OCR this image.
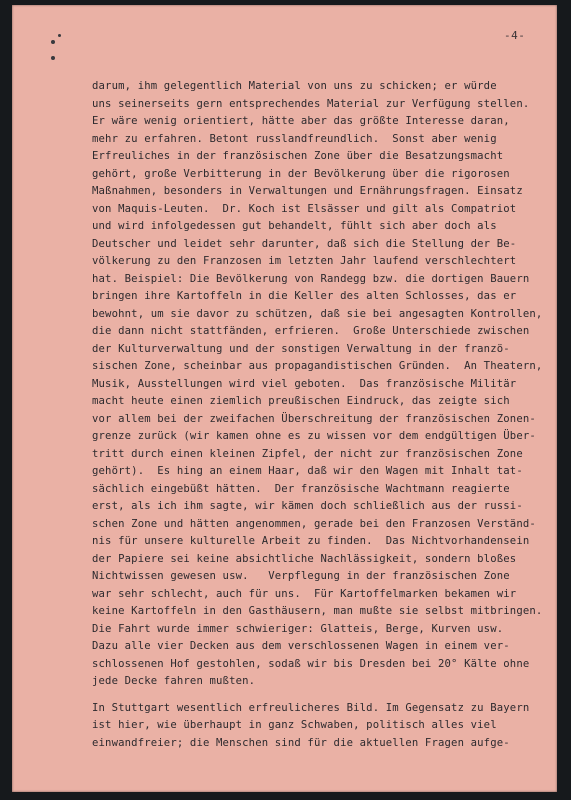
-4-
darum, ihm gelegentlich Material von uns zu schicken; er würde
uns seinerseits gern entsprechendes Material zur Verfügung stellen.
Er wäre wenig orientiert, hätte aber das größte Interesse daran,
mehr zu erfahren. Betont russlandfreundlich.  Sonst aber wenig
Erfreuliches in der französischen Zone über die Besatzungsmacht
gehört, große Verbitterung in der Bevölkerung über die rigorosen
Maßnahmen, besonders in Verwaltungen und Ernährungsfragen. Einsatz
von Maquis-Leuten.  Dr. Koch ist Elsässer und gilt als Compatriot
und wird infolgedessen gut behandelt, fühlt sich aber doch als
Deutscher und leidet sehr darunter, daß sich die Stellung der Be-
völkerung zu den Franzosen im letzten Jahr laufend verschlechtert
hat. Beispiel: Die Bevölkerung von Randegg bzw. die dortigen Bauern
bringen ihre Kartoffeln in die Keller des alten Schlosses, das er
bewohnt, um sie davor zu schützen, daß sie bei angesagten Kontrollen,
die dann nicht stattfänden, erfrieren.  Große Unterschiede zwischen
der Kulturverwaltung und der sonstigen Verwaltung in der franzö-
sischen Zone, scheinbar aus propagandistischen Gründen.  An Theatern,
Musik, Ausstellungen wird viel geboten.  Das französische Militär
macht heute einen ziemlich preußischen Eindruck, das zeigte sich
vor allem bei der zweifachen Überschreitung der französischen Zonen-
grenze zurück (wir kamen ohne es zu wissen vor dem endgültigen Über-
tritt durch einen kleinen Zipfel, der nicht zur französischen Zone
gehört).  Es hing an einem Haar, daß wir den Wagen mit Inhalt tat-
sächlich eingebüßt hätten.  Der französische Wachtmann reagierte
erst, als ich ihm sagte, wir kämen doch schließlich aus der russi-
schen Zone und hätten angenommen, gerade bei den Franzosen Verständ-
nis für unsere kulturelle Arbeit zu finden.  Das Nichtvorhandensein
der Papiere sei keine absichtliche Nachlässigkeit, sondern bloßes
Nichtwissen gewesen usw.   Verpflegung in der französischen Zone
war sehr schlecht, auch für uns.  Für Kartoffelmarken bekamen wir
keine Kartoffeln in den Gasthäusern, man mußte sie selbst mitbringen.
Die Fahrt wurde immer schwieriger: Glatteis, Berge, Kurven usw.
Dazu alle vier Decken aus dem verschlossenen Wagen in einem ver-
schlossenen Hof gestohlen, sodaß wir bis Dresden bei 20° Kälte ohne
jede Decke fahren mußten.
In Stuttgart wesentlich erfreulicheres Bild. Im Gegensatz zu Bayern
ist hier, wie überhaupt in ganz Schwaben, politisch alles viel
einwandfreier; die Menschen sind für die aktuellen Fragen aufge-
